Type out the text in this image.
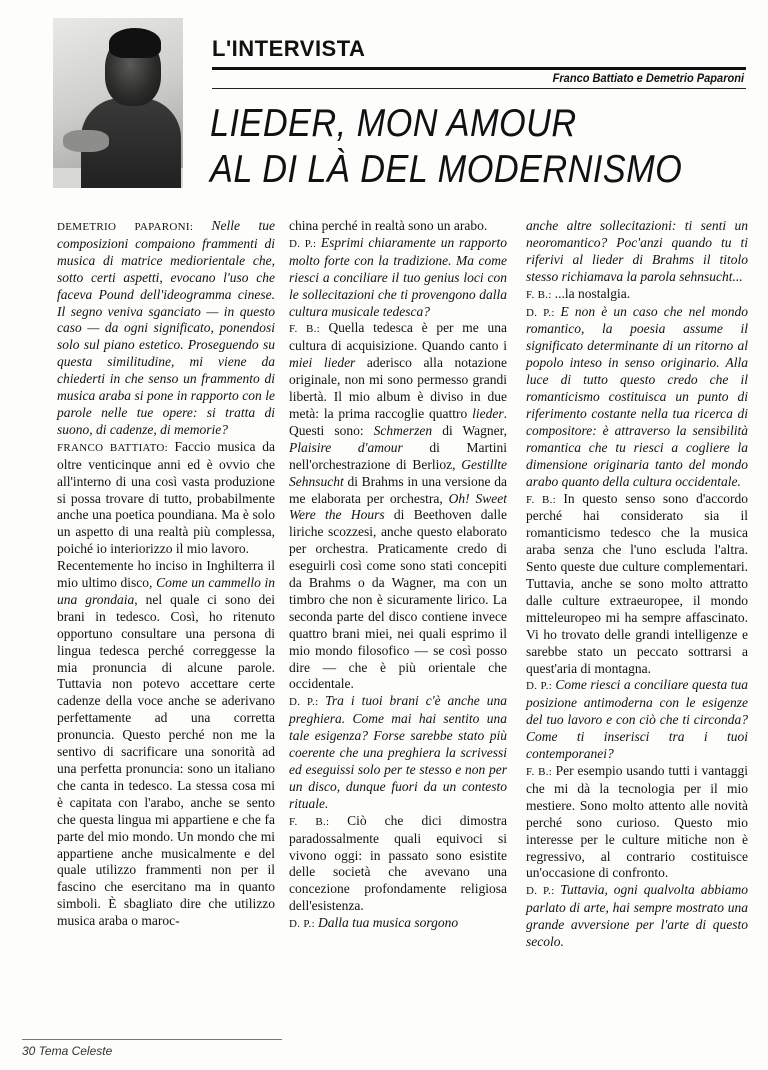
L'INTERVISTA
Franco Battiato e Demetrio Paparoni
LIEDER, MON AMOUR
AL DI LÀ DEL MODERNISMO

DEMETRIO PAPARONI: Nelle tue composizioni compaiono frammenti di musica di matrice mediorientale che, sotto certi aspetti, evocano l'uso che faceva Pound dell'ideogramma cinese. Il segno veniva sganciato — in questo caso — da ogni significato, ponendosi solo sul piano estetico. Proseguendo su questa similitudine, mi viene da chiederti in che senso un frammento di musica araba si pone in rapporto con le parole nelle tue opere: si tratta di suono, di cadenze, di memorie?

FRANCO BATTIATO: Faccio musica da oltre venticinque anni ed è ovvio che all'interno di una così vasta produzione si possa trovare di tutto, probabilmente anche una poetica poundiana. Ma è solo un aspetto di una realtà più complessa, poiché io interiorizzo il mio lavoro.

Recentemente ho inciso in Inghilterra il mio ultimo disco, Come un cammello in una grondaia, nel quale ci sono dei brani in tedesco. Così, ho ritenuto opportuno consultare una persona di lingua tedesca perché correggesse la mia pronuncia di alcune parole. Tuttavia non potevo accettare certe cadenze della voce anche se aderivano perfettamente ad una corretta pronuncia. Questo perché non me la sentivo di sacrificare una sonorità ad una perfetta pronuncia: sono un italiano che canta in tedesco. La stessa cosa mi è capitata con l'arabo, anche se sento che questa lingua mi appartiene e che fa parte del mio mondo. Un mondo che mi appartiene anche musicalmente e del quale utilizzo frammenti non per il fascino che esercitano ma in quanto simboli. È sbagliato dire che utilizzo musica araba o maroc-

china perché in realtà sono un arabo.

D. P.: Esprimi chiaramente un rapporto molto forte con la tradizione. Ma come riesci a conciliare il tuo genius loci con le sollecitazioni che ti provengono dalla cultura musicale tedesca?

F. B.: Quella tedesca è per me una cultura di acquisizione. Quando canto i miei lieder aderisco alla notazione originale, non mi sono permesso grandi libertà. Il mio album è diviso in due metà: la prima raccoglie quattro lieder. Questi sono: Schmerzen di Wagner, Plaisire d'amour di Martini nell'orchestrazione di Berlioz, Gestillte Sehnsucht di Brahms in una versione da me elaborata per orchestra, Oh! Sweet Were the Hours di Beethoven dalle liriche scozzesi, anche questo elaborato per orchestra. Praticamente credo di eseguirli così come sono stati concepiti da Brahms o da Wagner, ma con un timbro che non è sicuramente lirico. La seconda parte del disco contiene invece quattro brani miei, nei quali esprimo il mio mondo filosofico — se così posso dire — che è più orientale che occidentale.

D. P.: Tra i tuoi brani c'è anche una preghiera. Come mai hai sentito una tale esigenza? Forse sarebbe stato più coerente che una preghiera la scrivessi ed eseguissi solo per te stesso e non per un disco, dunque fuori da un contesto rituale.

F. B.: Ciò che dici dimostra paradossalmente quali equivoci si vivono oggi: in passato sono esistite delle società che avevano una concezione profondamente religiosa dell'esistenza.

D. P.: Dalla tua musica sorgono

anche altre sollecitazioni: ti senti un neoromantico? Poc'anzi quando tu ti riferivi al lieder di Brahms il titolo stesso richiamava la parola sehnsucht...

F. B.: ...la nostalgia.

D. P.: E non è un caso che nel mondo romantico, la poesia assume il significato determinante di un ritorno al popolo inteso in senso originario. Alla luce di tutto questo credo che il romanticismo costituisca un punto di riferimento costante nella tua ricerca di compositore: è attraverso la sensibilità romantica che tu riesci a cogliere la dimensione originaria tanto del mondo arabo quanto della cultura occidentale.

F. B.: In questo senso sono d'accordo perché hai considerato sia il romanticismo tedesco che la musica araba senza che l'uno escluda l'altra. Sento queste due culture complementari. Tuttavia, anche se sono molto attratto dalle culture extraeuropee, il mondo mitteleuropeo mi ha sempre affascinato. Vi ho trovato delle grandi intelligenze e sarebbe stato un peccato sottrarsi a quest'aria di montagna.

D. P.: Come riesci a conciliare questa tua posizione antimoderna con le esigenze del tuo lavoro e con ciò che ti circonda? Come ti inserisci tra i tuoi contemporanei?

F. B.: Per esempio usando tutti i vantaggi che mi dà la tecnologia per il mio mestiere. Sono molto attento alle novità perché sono curioso. Questo mio interesse per le culture mitiche non è regressivo, al contrario costituisce un'occasione di confronto.

D. P.: Tuttavia, ogni qualvolta abbiamo parlato di arte, hai sempre mostrato una grande avversione per l'arte di questo secolo.

30 Tema Celeste
